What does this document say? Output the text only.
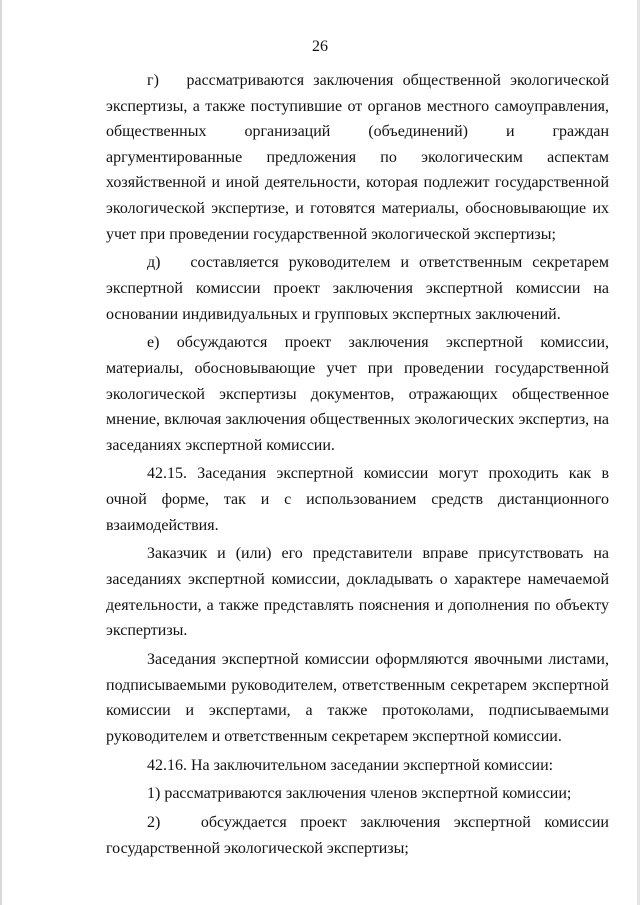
26

г)   рассматриваются заключения общественной экологической экспертизы, а также поступившие от органов местного самоуправления, общественных организаций (объединений) и граждан аргументированные предложения по экологическим аспектам хозяйственной и иной деятельности, которая подлежит государственной экологической экспертизе, и готовятся материалы, обосновывающие их учет при проведении государственной экологической экспертизы;

д)   составляется руководителем и ответственным секретарем экспертной комиссии проект заключения экспертной комиссии на основании индивидуальных и групповых экспертных заключений.

е) обсуждаются проект заключения экспертной комиссии, материалы, обосновывающие учет при проведении государственной экологической экспертизы документов, отражающих общественное мнение, включая заключения общественных экологических экспертиз, на заседаниях экспертной комиссии.

42.15. Заседания экспертной комиссии могут проходить как в очной форме, так и с использованием средств дистанционного взаимодействия.

Заказчик и (или) его представители вправе присутствовать на заседаниях экспертной комиссии, докладывать о характере намечаемой деятельности, а также представлять пояснения и дополнения по объекту экспертизы.

Заседания экспертной комиссии оформляются явочными листами, подписываемыми руководителем, ответственным секретарем экспертной комиссии и экспертами, а также протоколами, подписываемыми руководителем и ответственным секретарем экспертной комиссии.

42.16. На заключительном заседании экспертной комиссии:

1) рассматриваются заключения членов экспертной комиссии;

2)   обсуждается проект заключения экспертной комиссии государственной экологической экспертизы;
